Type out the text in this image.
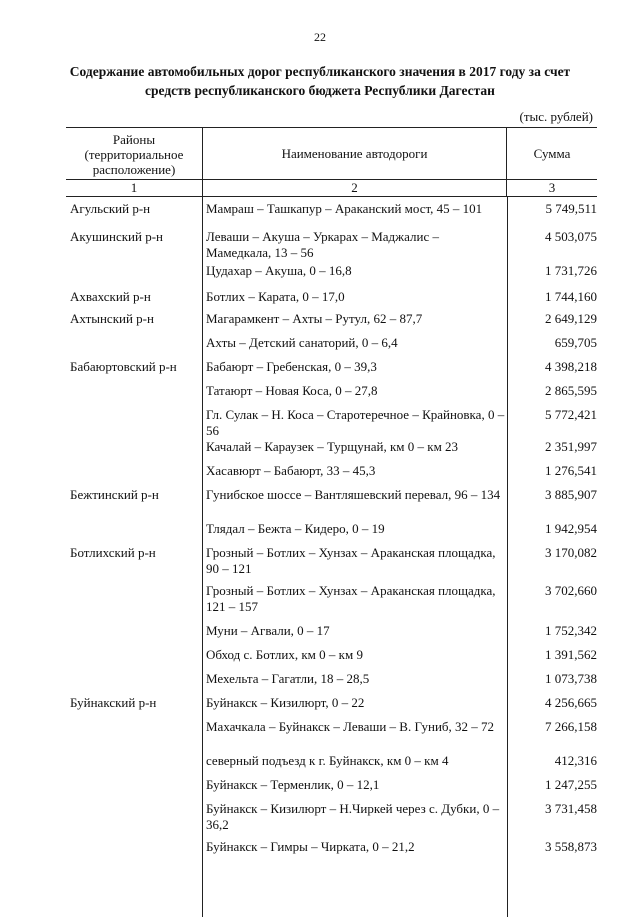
22
Содержание автомобильных дорог республиканского значения в 2017 году за счет
средств республиканского бюджета Республики Дагестан
(тыс. рублей)
Районы
(территориальное
расположение)
Наименование автодороги	Сумма
1	2	3
Агульский р-н	Мамраш – Ташкапур – Араканский мост, 45 – 101	5 749,511
Акушинский р-н	Леваши – Акуша – Уркарах – Маджалис – Мамедкала, 13 – 56
4 503,075
Цудахар – Акуша, 0 – 16,8	1 731,726
Ахвахский р-н	Ботлих – Карата, 0 – 17,0	1 744,160
Ахтынский р-н	Магарамкент – Ахты – Рутул, 62 – 87,7	2 649,129
Ахты – Детский санаторий, 0 – 6,4	659,705
Бабаюртовский р-н	Бабаюрт – Гребенская, 0 – 39,3	4 398,218
Татаюрт – Новая Коса, 0 – 27,8	2 865,595
Гл. Сулак – Н. Коса – Старотеречное – Крайновка, 0 – 56
5 772,421
Качалай – Караузек – Турщунай, км 0 – км 23	2 351,997
Хасавюрт – Бабаюрт, 33 – 45,3	1 276,541
Бежтинский р-н	Гунибское шоссе – Вантляшевский перевал, 96 – 134	3 885,907
Тлядал – Бежта – Кидеро, 0 – 19	1 942,954
Ботлихский р-н	Грозный – Ботлих – Хунзах – Араканская площадка, 90 – 121
3 170,082
Грозный – Ботлих – Хунзах – Араканская площадка, 121 – 157
3 702,660
Муни – Агвали, 0 – 17	1 752,342
Обход с. Ботлих, км 0 – км 9	1 391,562
Мехельта – Гагатли, 18 – 28,5	1 073,738
Буйнакский р-н	Буйнакск – Кизилюрт, 0 – 22	4 256,665
Махачкала – Буйнакск – Леваши – В. Гуниб, 32 – 72	7 266,158
северный подъезд к г. Буйнакск, км 0 – км 4	412,316
Буйнакск – Терменлик, 0 – 12,1	1 247,255
Буйнакск – Кизилюрт – Н.Чиркей через с. Дубки, 0 – 36,2
3 731,458
Буйнакск – Гимры – Чирката, 0 – 21,2	3 558,873
